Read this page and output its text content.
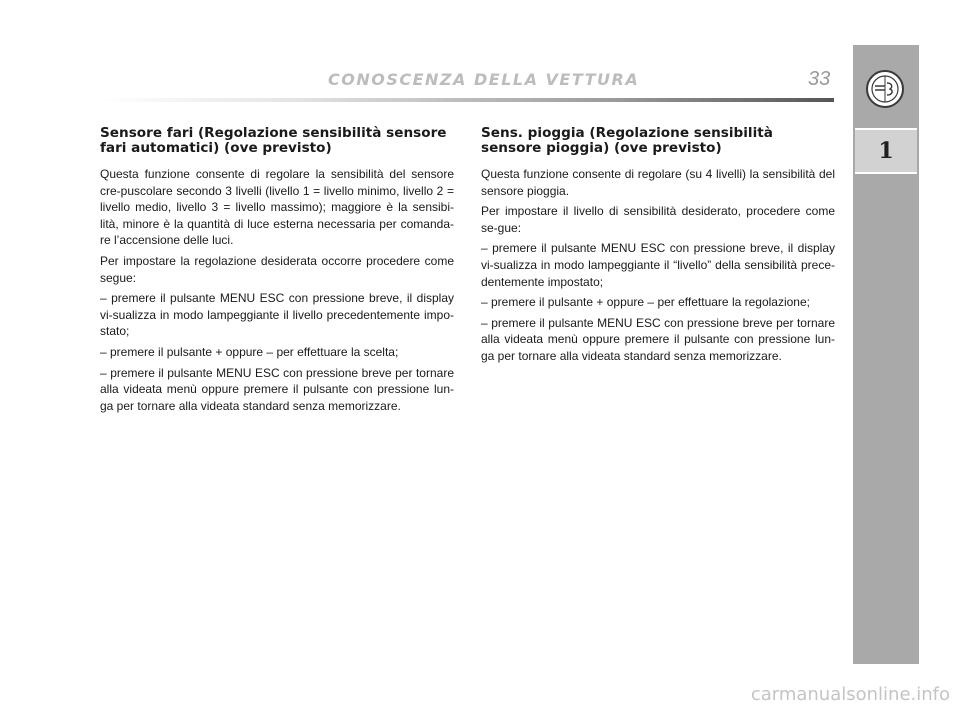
CONOSCENZA DELLA VETTURA	33
1
Sensore fari (Regolazione sensibilità sensore fari automatici) (ove previsto)
Questa funzione consente di regolare la sensibilità del sensore cre-puscolare secondo 3 livelli (livello 1 = livello minimo, livello 2 = livello medio, livello 3 = livello massimo); maggiore è la sensibi-lità, minore è la quantità di luce esterna necessaria per comanda-re l’accensione delle luci.
Per impostare la regolazione desiderata occorre procedere come segue:
– premere il pulsante MENU ESC con pressione breve, il display vi-sualizza in modo lampeggiante il livello precedentemente impo-stato;
– premere il pulsante + oppure – per effettuare la scelta;
– premere il pulsante MENU ESC con pressione breve per tornare alla videata menù oppure premere il pulsante con pressione lun-ga per tornare alla videata standard senza memorizzare.
Sens. pioggia (Regolazione sensibilità sensore pioggia) (ove previsto)
Questa funzione consente di regolare (su 4 livelli) la sensibilità del sensore pioggia.
Per impostare il livello di sensibilità desiderato, procedere come se-gue:
– premere il pulsante MENU ESC con pressione breve, il display vi-sualizza in modo lampeggiante il “livello” della sensibilità prece-dentemente impostato;
– premere il pulsante + oppure – per effettuare la regolazione;
– premere il pulsante MENU ESC con pressione breve per tornare alla videata menù oppure premere il pulsante con pressione lun-ga per tornare alla videata standard senza memorizzare.
carmanualsonline.info
